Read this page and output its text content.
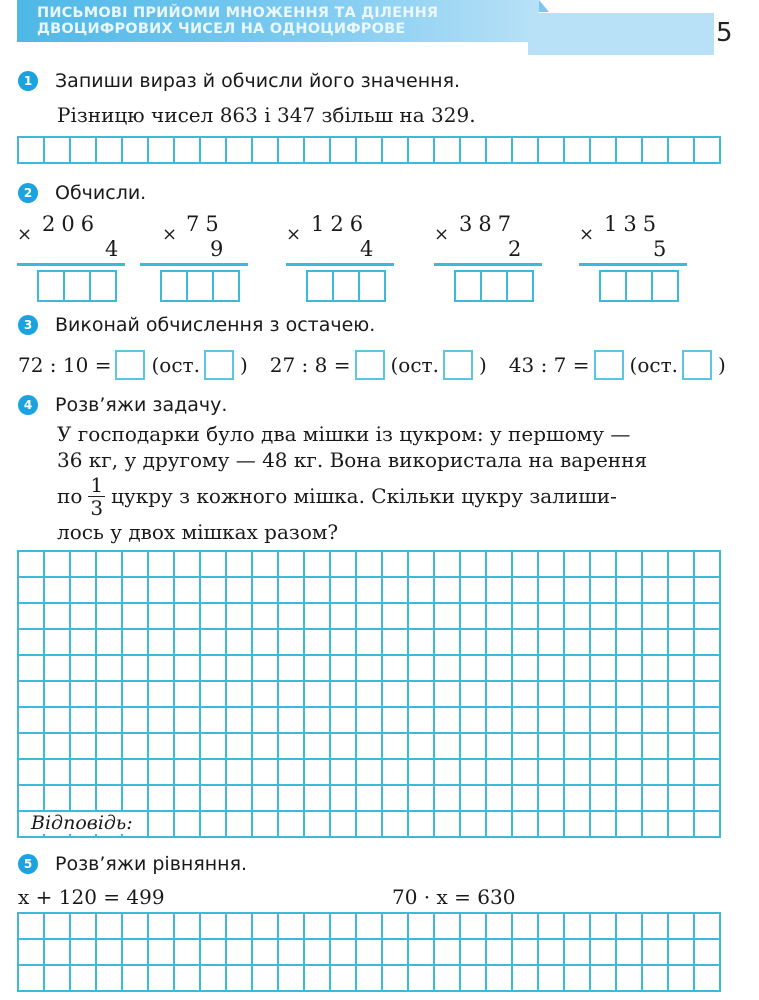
ПИСЬМОВІ ПРИЙОМИ МНОЖЕННЯ ТА ДІЛЕННЯ
ДВОЦИФРОВИХ ЧИСЕЛ НА ОДНОЦИФРОВЕ	5
1	Запиши вираз й обчисли його значення.
Різницю чисел 863 і 347 збільш на 329.
2	Обчисли.
× 206
4
× 75
9
× 126
4
× 387
2
× 135
5
3	Виконай обчислення з остачею.
72 : 10 = (ост. ) 27 : 8 = (ост. ) 43 : 7 = (ост. )
4	Розв’яжи задачу.
У господарки було два мішки із цукром: у першому —
36 кг, у другому — 48 кг. Вона використала на варення
по $\frac{1}{3}$ цукру з кожного мішка. Скільки цукру залиши-
лось у двох мішках разом?
Відповідь:
5	Розв’яжи рівняння.
x + 120 = 499	70 · x = 630
